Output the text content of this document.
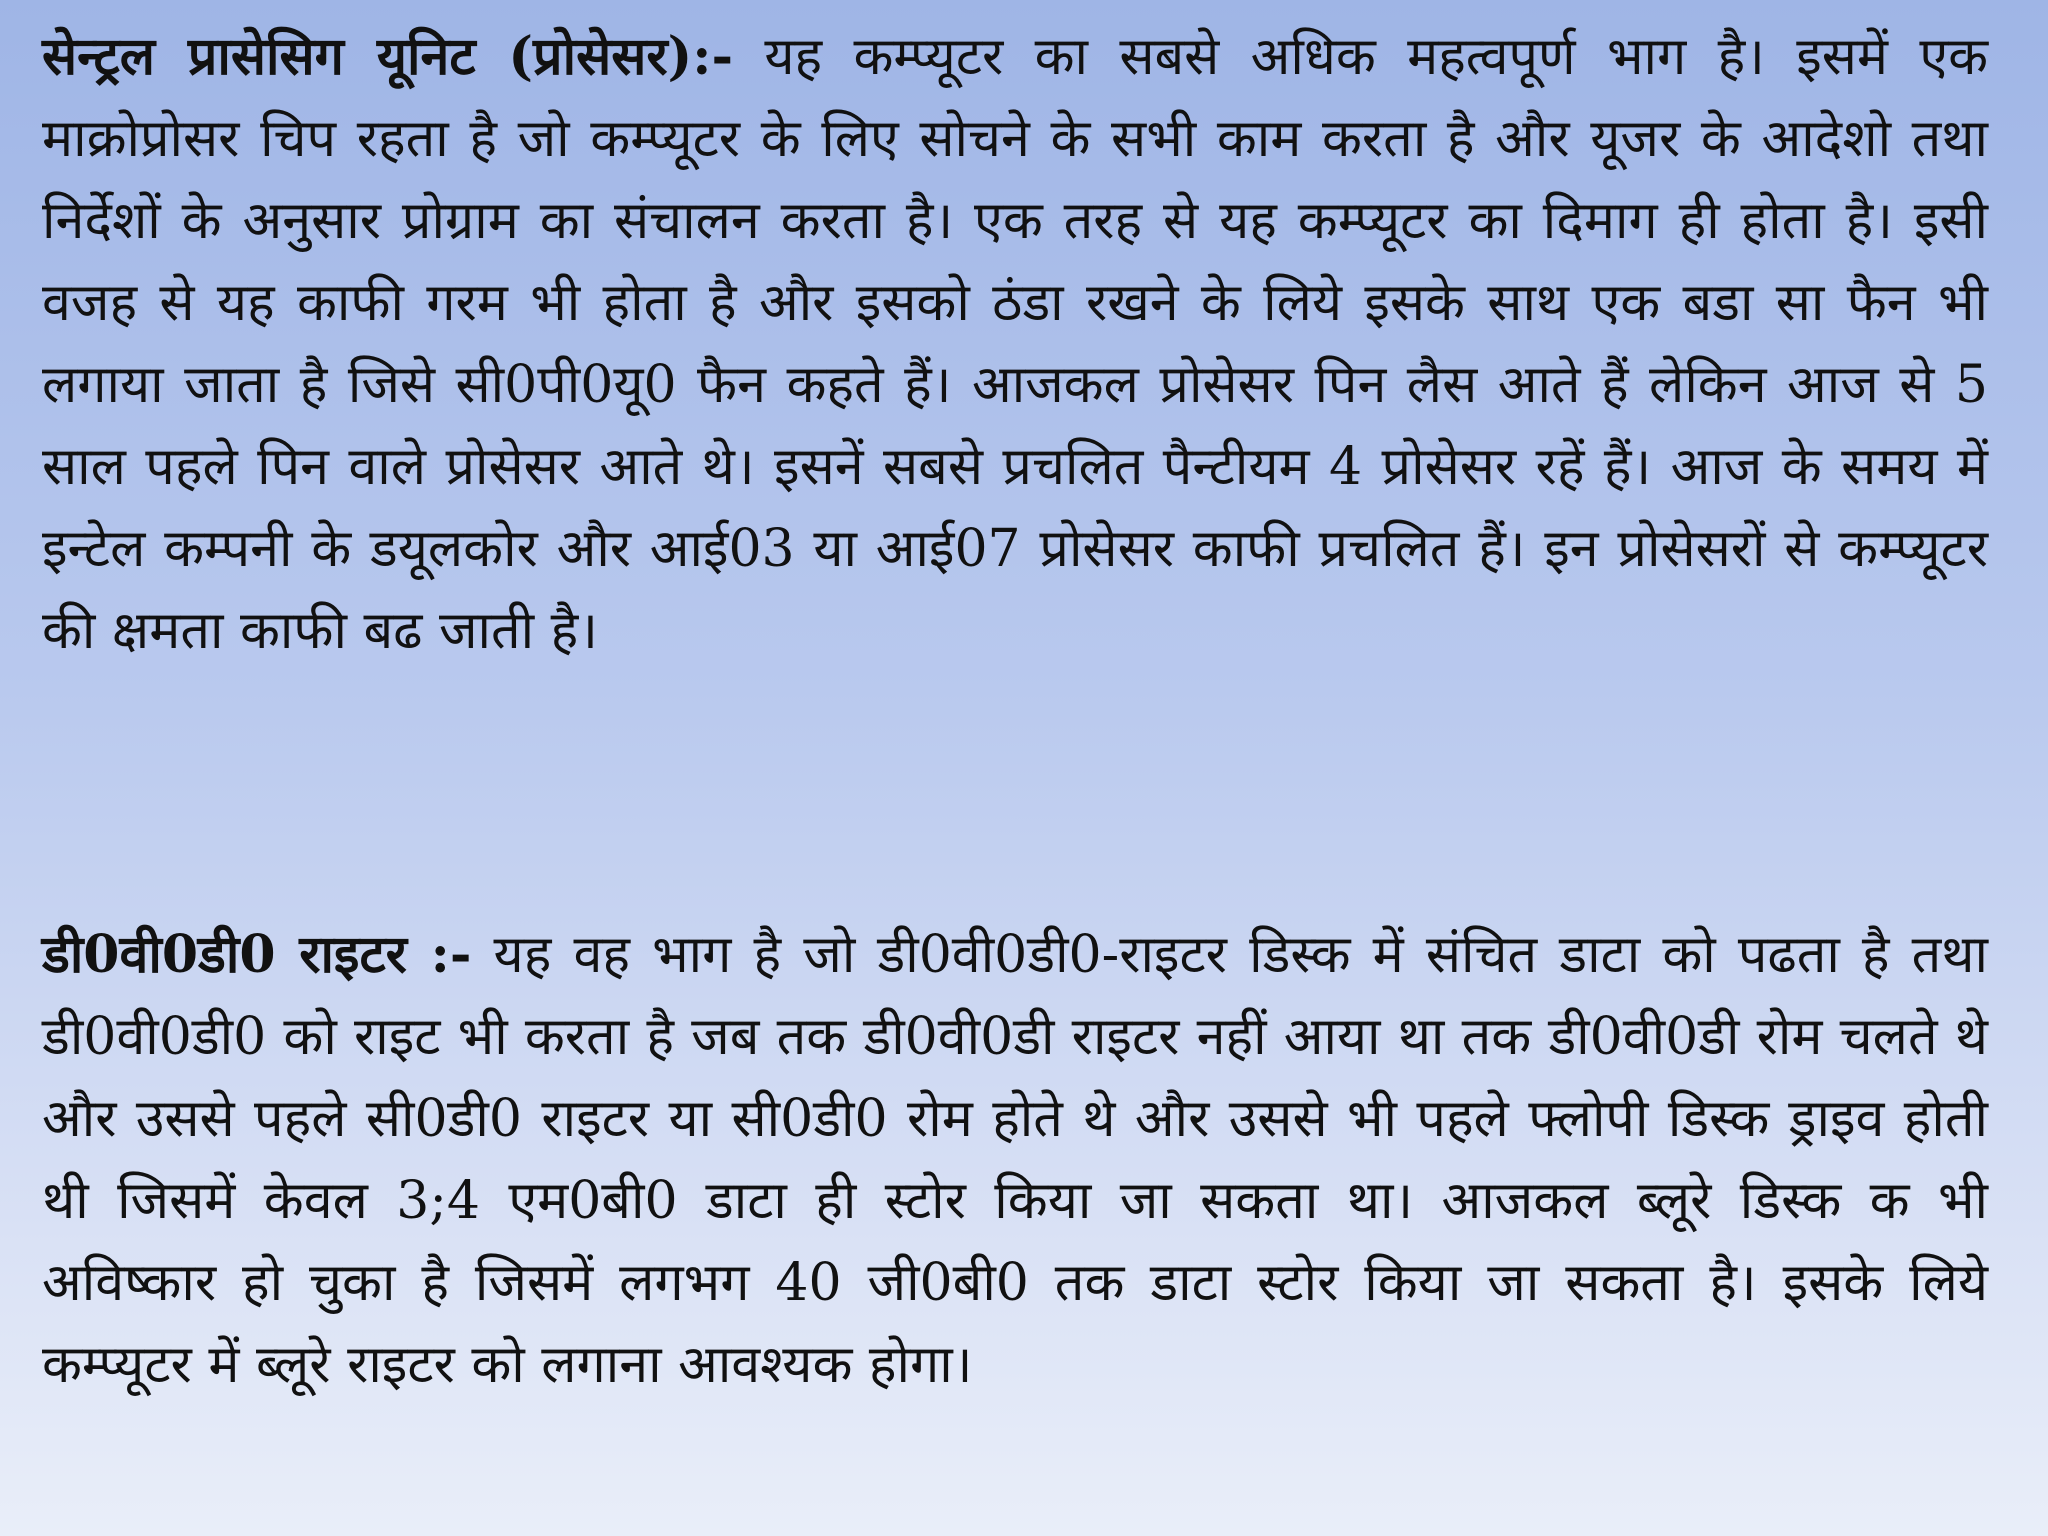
सेन्ट्रल प्रासेसिग यूनिट (प्रोसेसर):- यह कम्प्यूटर का सबसे अधिक महत्वपूर्ण भाग है। इसमें एक माक्रोप्रोसर चिप रहता है जो कम्प्यूटर के लिए सोचने के सभी काम करता है और यूजर के आदेशो तथा निर्देशों के अनुसार प्रोग्राम का संचालन करता है। एक तरह से यह कम्प्यूटर का दिमाग ही होता है। इसी वजह से यह काफी गरम भी होता है और इसको ठंडा रखने के लिये इसके साथ एक बडा सा फैन भी लगाया जाता है जिसे सी0पी0यू0 फैन कहते हैं। आजकल प्रोसेसर पिन लैस आते हैं लेकिन आज से 5 साल पहले पिन वाले प्रोसेसर आते थे। इसनें सबसे प्रचलित पैन्टीयम 4 प्रोसेसर रहें हैं। आज के समय में इन्टेल कम्पनी के डयूलकोर और आई03 या आई07 प्रोसेसर काफी प्रचलित हैं। इन प्रोसेसरों से कम्प्यूटर की क्षमता काफी बढ जाती है।

डी0वी0डी0 राइटर :- यह वह भाग है जो डी0वी0डी0-राइटर डिस्क में संचित डाटा को पढता है तथा डी0वी0डी0 को राइट भी करता है जब तक डी0वी0डी राइटर नहीं आया था तक डी0वी0डी रोम चलते थे और उससे पहले सी0डी0 राइटर या सी0डी0 रोम होते थे और उससे भी पहले फ्लोपी डिस्क ड्राइव होती थी जिसमें केवल 3;4 एम0बी0 डाटा ही स्टोर किया जा सकता था। आजकल ब्लूरे डिस्क क भी अविष्कार हो चुका है जिसमें लगभग 40 जी0बी0 तक डाटा स्टोर किया जा सकता है। इसके लिये कम्प्यूटर में ब्लूरे राइटर को लगाना आवश्यक होगा।
